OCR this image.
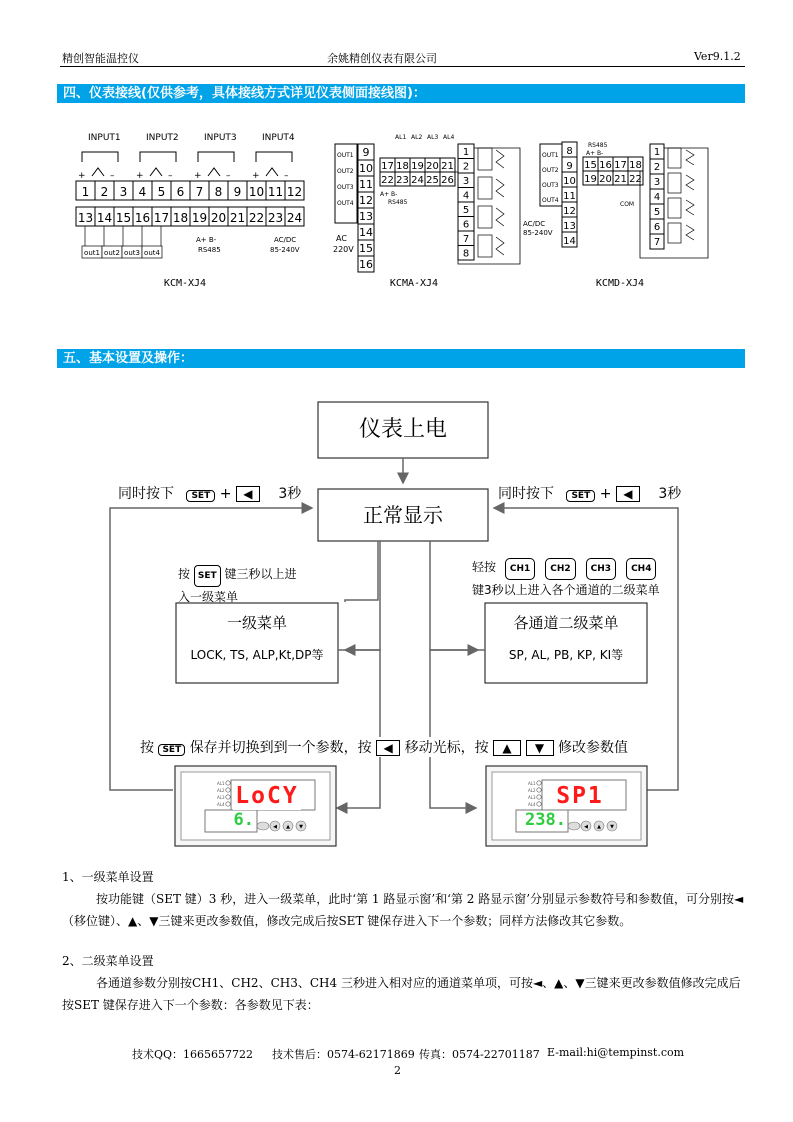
精创智能温控仪	余姚精创仪表有限公司	Ver9.1.2
四、仪表接线(仅供参考，具体接线方式详见仪表侧面接线图)：
INPUT1
+	–
INPUT2
+	–
INPUT3
+	–
INPUT4
+	–
1 2 3 4 5 6 7 8 9 10 11 12
13 14 15 16 17 18 19 20 21 22 23 24
out1 out2 out3 out4
A+ B-
RS485
AC/DC
85-240V
KCM-XJ4
OUT1
OUT2
OUT3
OUT4
9
10
11
12
13
14
15
16
AC
220V
AL1 AL2 AL3 AL4
17 18 19 20 21
22 23 24 25 26
A+ B-
RS485
1
2
3
4
5
6
7
8
KCMA-XJ4
OUT1
OUT2
OUT3
OUT4
8
9
10
11
12
13
14
RS485
A+ B-
15 16 17 18
19 20 21 22
COM
AC/DC
85-240V
1
2
3
4
5
6
7
KCMD-XJ4
五、基本设置及操作：
AL1
AL2
AL3
AL4
◀ ▲ ▼
AL1
AL2
AL3
AL4
◀ ▲ ▼
仪表上电
正常显示
同时按下 SET + ◀ 3秒	同时按下 SET + ◀ 3秒
按 SET 键三秒以上进
入一级菜单
轻按 CH1 CH2 CH3 CH4
键3秒以上进入各个通道的二级菜单
一级菜单
LOCK, TS, ALP,Kt,DP等
各通道二级菜单
SP, AL, PB, KP, KI等
按 SET 保存并切换到到一个参数，按 ◀ 移动光标，按 ▲ ▼ 修改参数值
LoCY
6.
SP1
238.
1、一级菜单设置
按功能键（SET 键）3 秒，进入一级菜单，此时‘第 1 路显示窗’和‘第 2 路显示窗’分别显示参数符号和参数值，可分别按◄（移位键）、▲、▼三键来更改参数值，修改完成后按SET 键保存进入下一个参数；同样方法修改其它参数。
2、二级菜单设置
各通道参数分别按CH1、CH2、CH3、CH4 三秒进入相对应的通道菜单项，可按◄、▲、▼三键来更改参数值修改完成后按SET 键保存进入下一个参数：各参数见下表：
技术QQ：1665657722 技术售后：0574-62171869 传真：0574-22701187 E-mail:hi@tempinst.com
2
